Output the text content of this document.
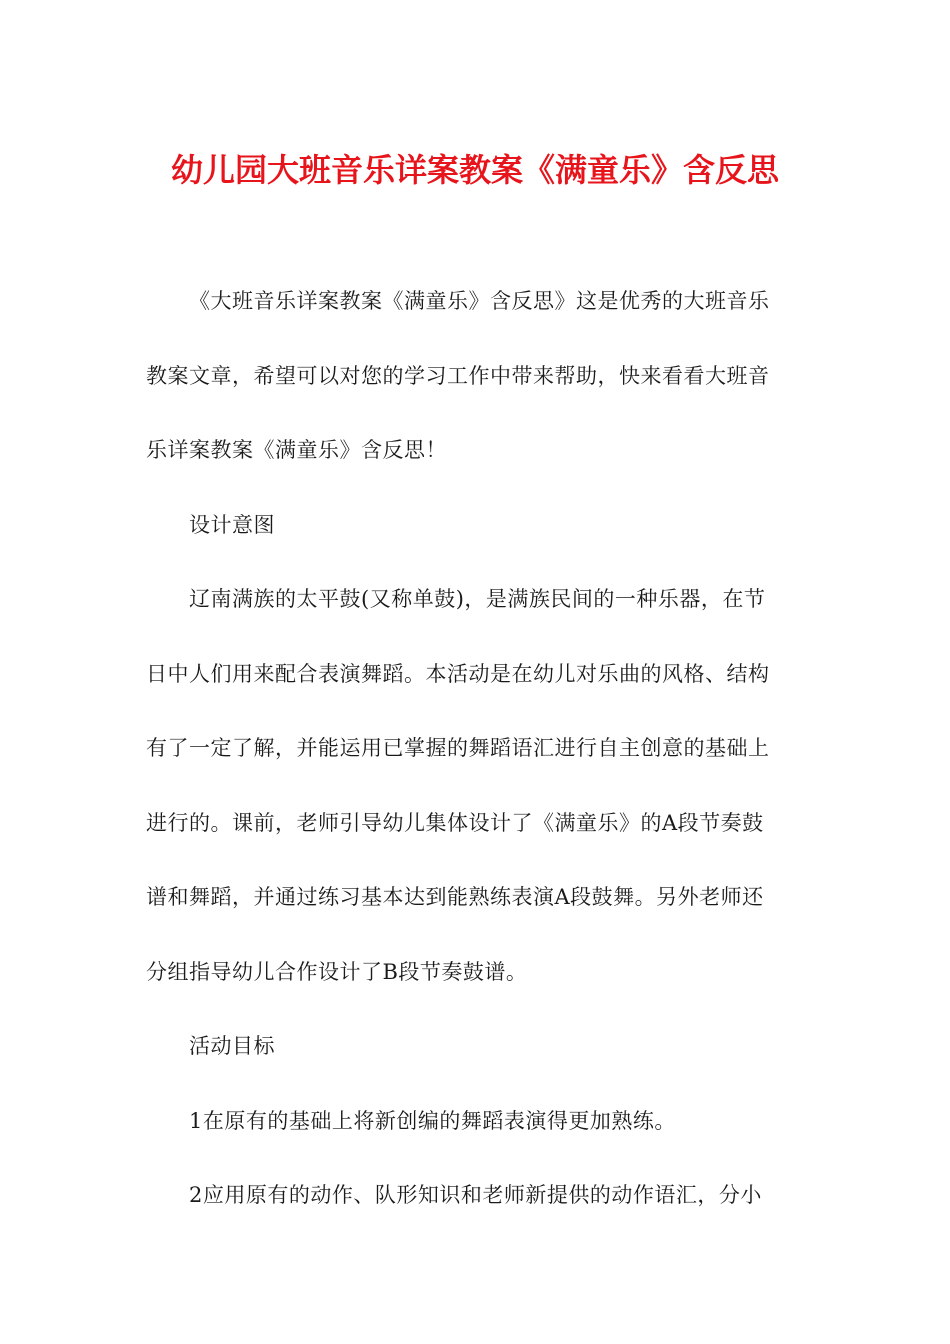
幼儿园大班音乐详案教案《满童乐》含反思
《大班音乐详案教案《满童乐》含反思》这是优秀的大班音乐
教案文章，希望可以对您的学习工作中带来帮助，快来看看大班音
乐详案教案《满童乐》含反思！
设计意图
辽南满族的太平鼓(又称单鼓)，是满族民间的一种乐器，在节
日中人们用来配合表演舞蹈。本活动是在幼儿对乐曲的风格、结构
有了一定了解，并能运用已掌握的舞蹈语汇进行自主创意的基础上
进行的。课前，老师引导幼儿集体设计了《满童乐》的A段节奏鼓
谱和舞蹈，并通过练习基本达到能熟练表演A段鼓舞。另外老师还
分组指导幼儿合作设计了B段节奏鼓谱。
活动目标
1在原有的基础上将新创编的舞蹈表演得更加熟练。
2应用原有的动作、队形知识和老师新提供的动作语汇，分小
